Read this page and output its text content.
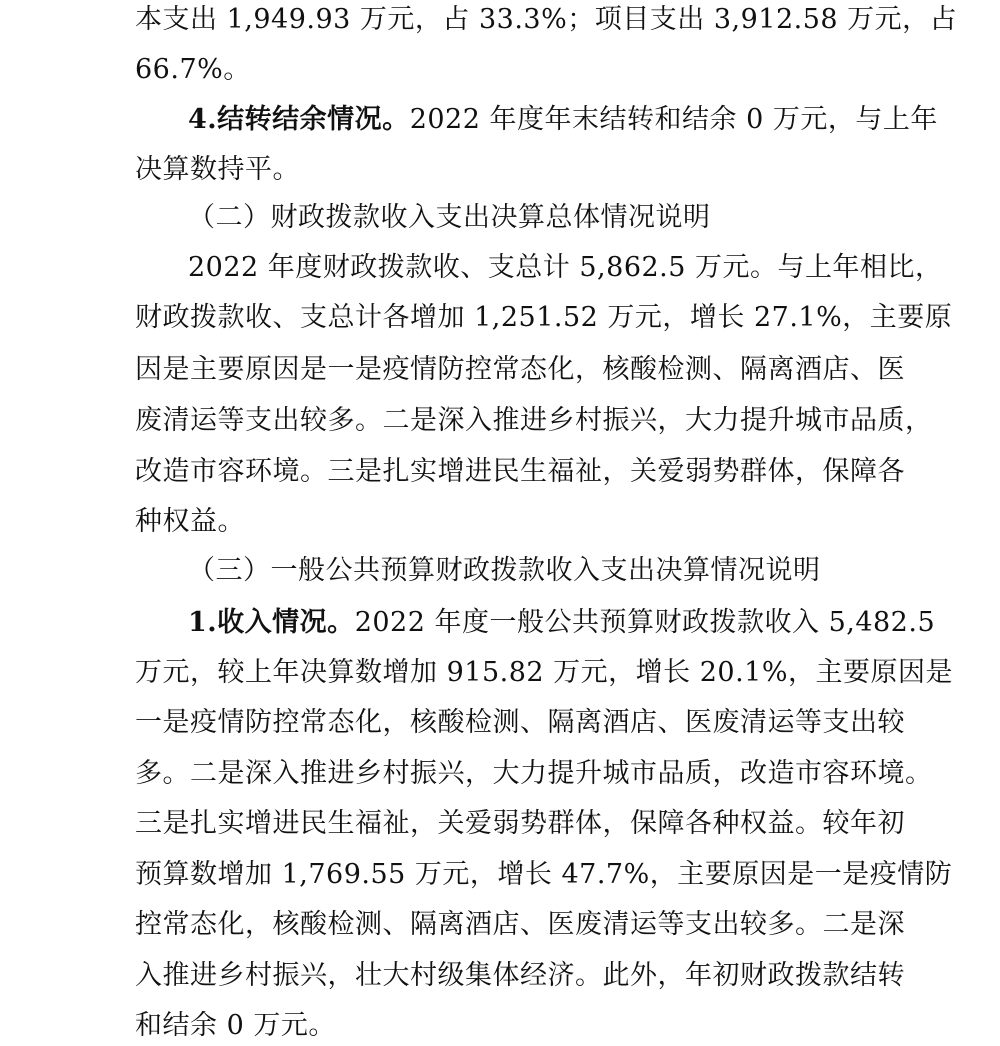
本支出 1,949.93 万元，占 33.3%；项目支出 3,912.58 万元，占
66.7%。
4.结转结余情况。2022 年度年末结转和结余 0 万元，与上年
决算数持平。
（二）财政拨款收入支出决算总体情况说明
2022 年度财政拨款收、支总计 5,862.5 万元。与上年相比，
财政拨款收、支总计各增加 1,251.52 万元，增长 27.1%，主要原
因是主要原因是一是疫情防控常态化，核酸检测、隔离酒店、医
废清运等支出较多。二是深入推进乡村振兴，大力提升城市品质，
改造市容环境。三是扎实增进民生福祉，关爱弱势群体，保障各
种权益。
（三）一般公共预算财政拨款收入支出决算情况说明
1.收入情况。2022 年度一般公共预算财政拨款收入 5,482.5
万元，较上年决算数增加 915.82 万元，增长 20.1%，主要原因是
一是疫情防控常态化，核酸检测、隔离酒店、医废清运等支出较
多。二是深入推进乡村振兴，大力提升城市品质，改造市容环境。
三是扎实增进民生福祉，关爱弱势群体，保障各种权益。较年初
预算数增加 1,769.55 万元，增长 47.7%，主要原因是一是疫情防
控常态化，核酸检测、隔离酒店、医废清运等支出较多。二是深
入推进乡村振兴，壮大村级集体经济。此外，年初财政拨款结转
和结余 0 万元。
